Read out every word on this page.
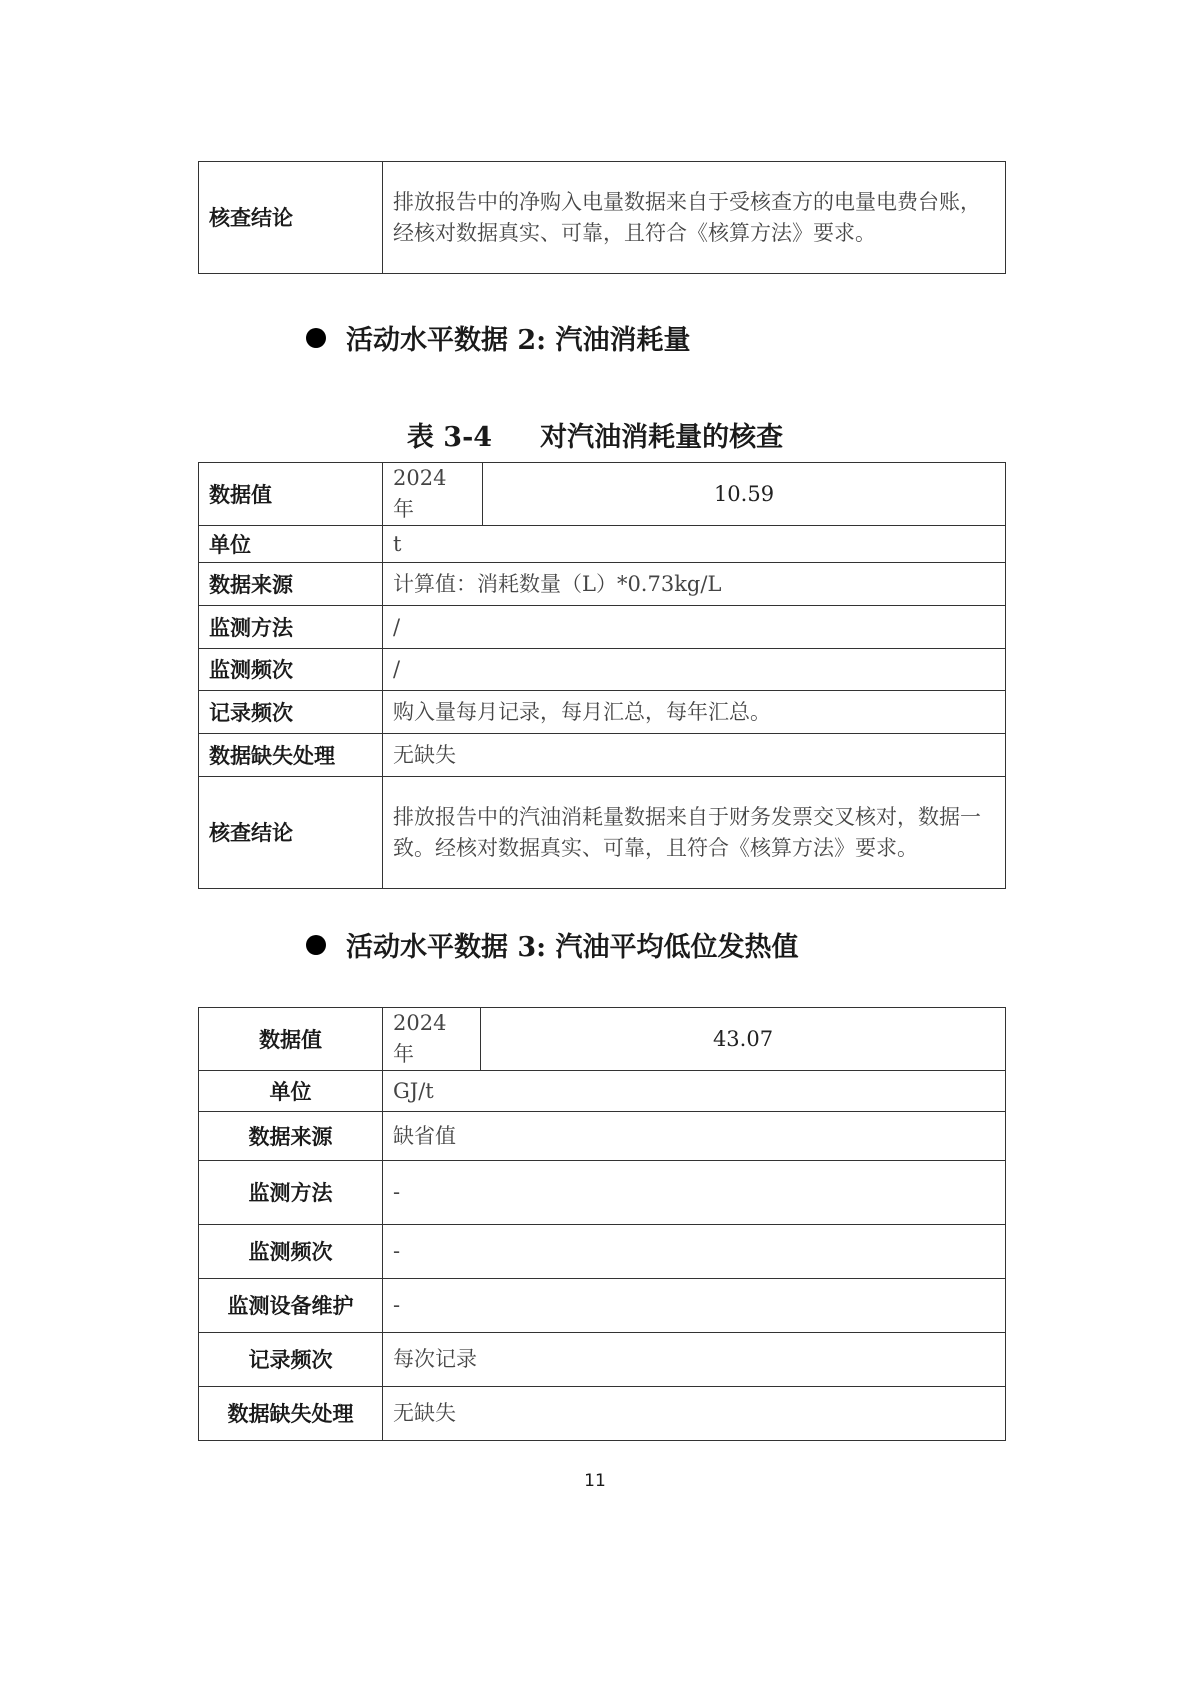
核查结论	排放报告中的净购入电量数据来自于受核查方的电量电费台账，经核对数据真实、可靠，且符合《核算方法》要求。
活动水平数据 2: 汽油消耗量
表 3-4 对汽油消耗量的核查
数据值	2024 年	10.59
单位	t	
数据来源	计算值：消耗数量（L）*0.73kg/L	
监测方法	/	
监测频次	/	
记录频次	购入量每月记录，每月汇总，每年汇总。	
数据缺失处理	无缺失	
核查结论	排放报告中的汽油消耗量数据来自于财务发票交叉核对，数据一致。经核对数据真实、可靠，且符合《核算方法》要求。	
活动水平数据 3: 汽油平均低位发热值
数据值	2024 年	43.07
单位	GJ/t	
数据来源	缺省值	
监测方法	-	
监测频次	-	
监测设备维护	-	
记录频次	每次记录	
数据缺失处理	无缺失	
11
